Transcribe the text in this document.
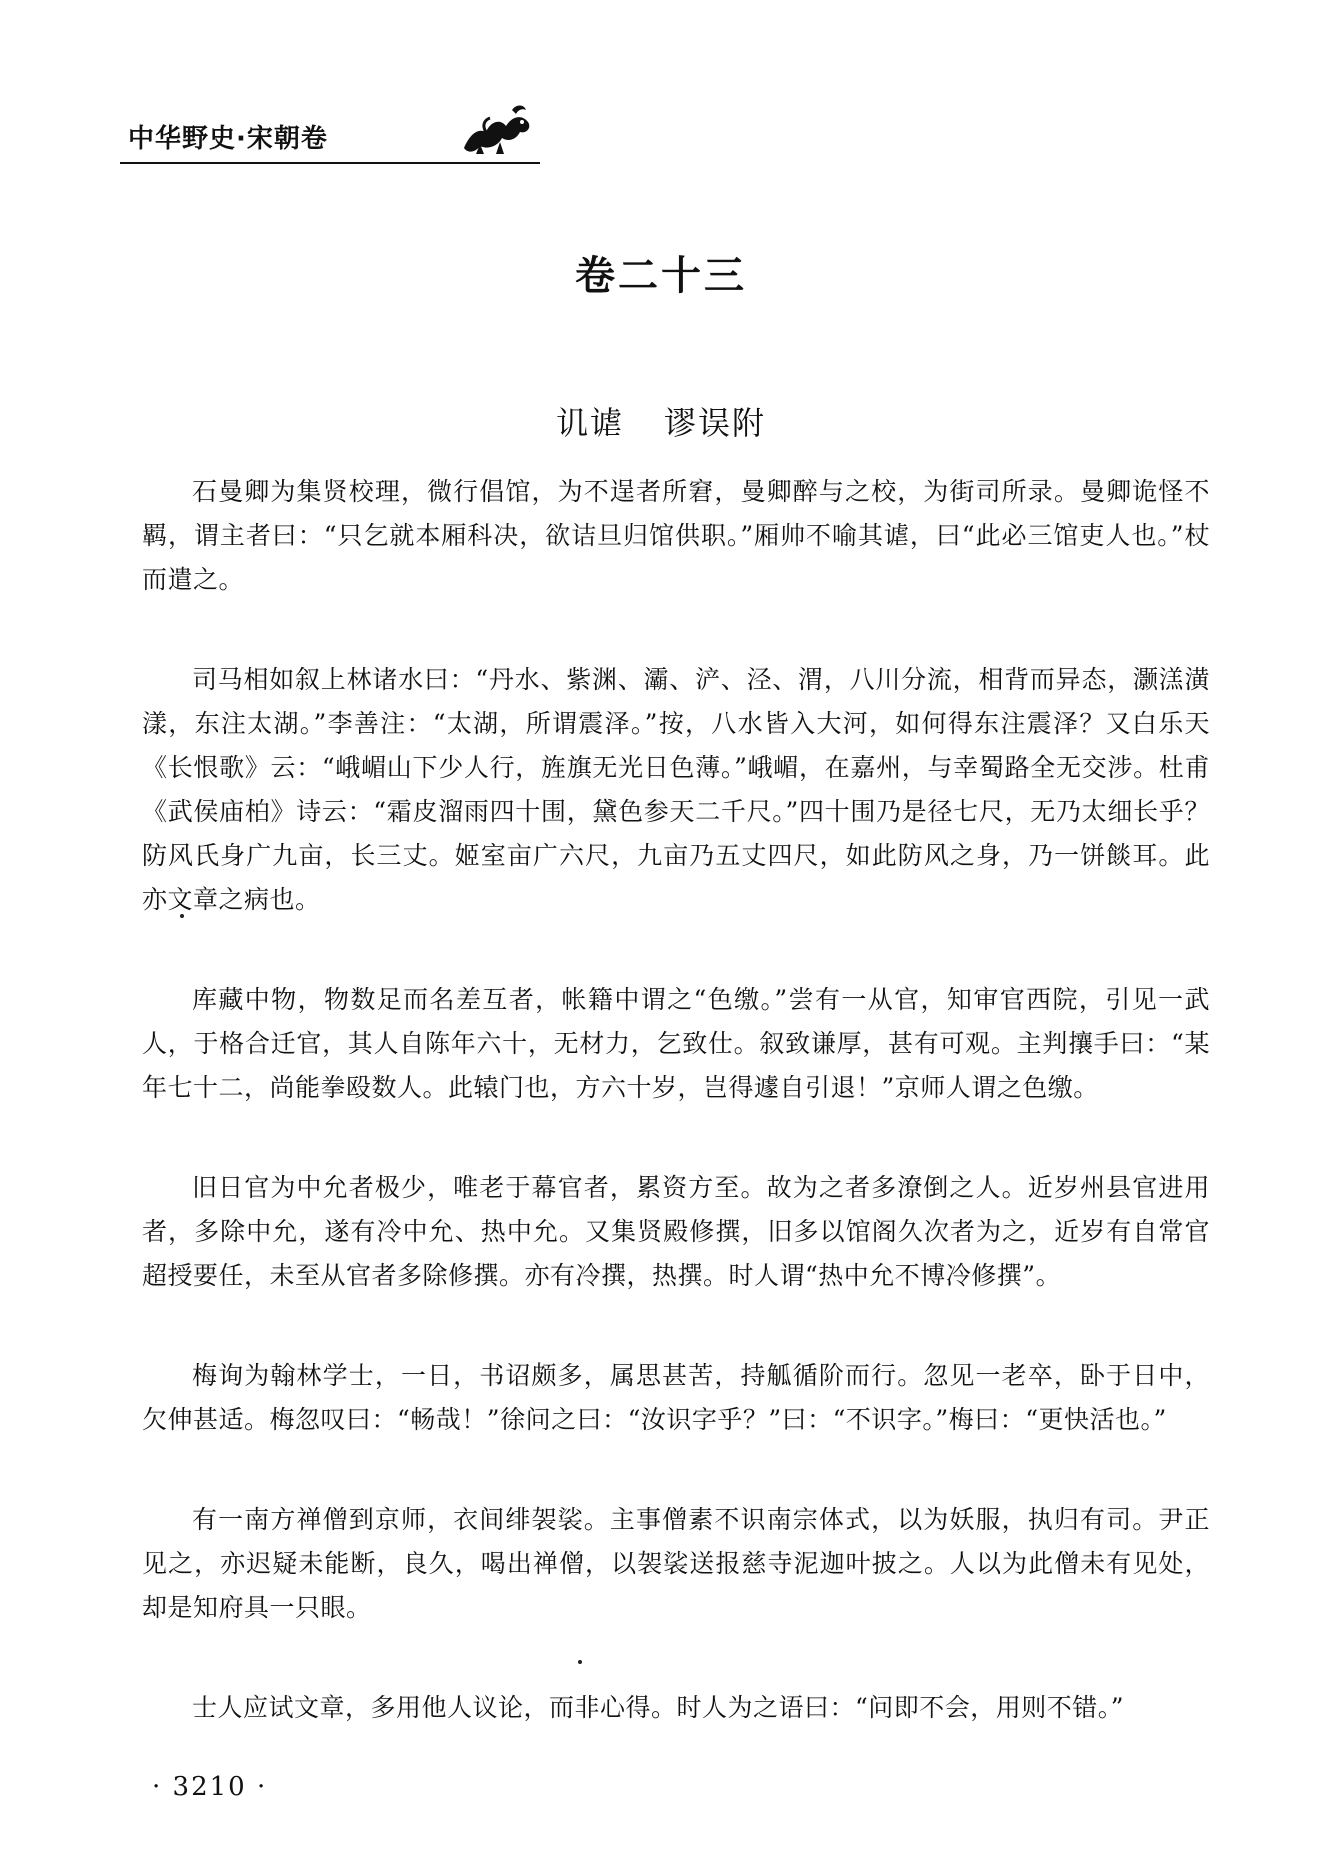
中华野史·宋朝卷
卷二十三
讥谑 谬误附

石曼卿为集贤校理，微行倡馆，为不逞者所窘，曼卿醉与之校，为街司所录。曼卿诡怪不羁，谓主者曰：“只乞就本厢科决，欲诘旦归馆供职。”厢帅不喻其谑，曰“此必三馆吏人也。”杖而遣之。

司马相如叙上林诸水曰：“丹水、紫渊、灞、浐、泾、渭，八川分流，相背而异态，灏溔潢漾，东注太湖。”李善注：“太湖，所谓震泽。”按，八水皆入大河，如何得东注震泽？又白乐天《长恨歌》云：“峨嵋山下少人行，旌旗无光日色薄。”峨嵋，在嘉州，与幸蜀路全无交涉。杜甫《武侯庙柏》诗云：“霜皮溜雨四十围，黛色参天二千尺。”四十围乃是径七尺，无乃太细长乎？防风氏身广九亩，长三丈。姬室亩广六尺，九亩乃五丈四尺，如此防风之身，乃一饼餤耳。此亦文章之病也。

库藏中物，物数足而名差互者，帐籍中谓之“色缴。”尝有一从官，知审官西院，引见一武人，于格合迁官，其人自陈年六十，无材力，乞致仕。叙致谦厚，甚有可观。主判攘手曰：“某年七十二，尚能拳殴数人。此辕门也，方六十岁，岂得遽自引退！”京师人谓之色缴。

旧日官为中允者极少，唯老于幕官者，累资方至。故为之者多潦倒之人。近岁州县官进用者，多除中允，遂有冷中允、热中允。又集贤殿修撰，旧多以馆阁久次者为之，近岁有自常官超授要任，未至从官者多除修撰。亦有冷撰，热撰。时人谓“热中允不博冷修撰”。

梅询为翰林学士，一日，书诏颇多，属思甚苦，持觚循阶而行。忽见一老卒，卧于日中，欠伸甚适。梅忽叹曰：“畅哉！”徐问之曰：“汝识字乎？”曰：“不识字。”梅曰：“更快活也。”

有一南方禅僧到京师，衣间绯袈裟。主事僧素不识南宗体式，以为妖服，执归有司。尹正见之，亦迟疑未能断，良久，喝出禅僧，以袈裟送报慈寺泥迦叶披之。人以为此僧未有见处，却是知府具一只眼。

士人应试文章，多用他人议论，而非心得。时人为之语曰：“问即不会，用则不错。”

· 3210 ·
